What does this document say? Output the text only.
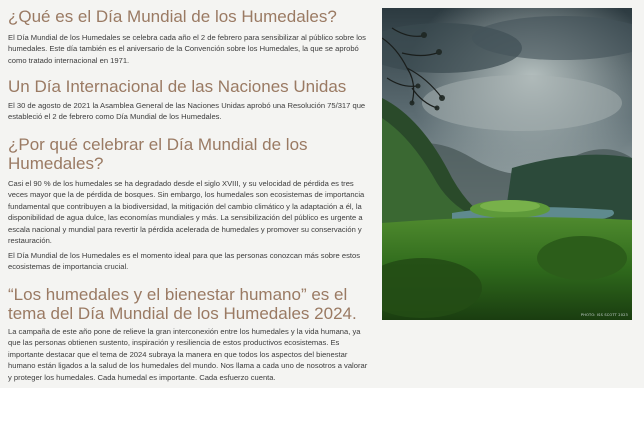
¿Qué es el Día Mundial de los Humedales?

El Día Mundial de los Humedales se celebra cada año el 2 de febrero para sensibilizar al público sobre los humedales. Este día también es el aniversario de la Convención sobre los Humedales, la que se aprobó como tratado internacional en 1971.

Un Día Internacional de las Naciones Unidas

El 30 de agosto de 2021 la Asamblea General de las Naciones Unidas aprobó una Resolución 75/317 que estableció el 2 de febrero como Día Mundial de los Humedales.

¿Por qué celebrar el Día Mundial de los Humedales?

Casi el 90 % de los humedales se ha degradado desde el siglo XVIII, y su velocidad de pérdida es tres veces mayor que la de pérdida de bosques. Sin embargo, los humedales son ecosistemas de importancia fundamental que contribuyen a la biodiversidad, la mitigación del cambio climático y la adaptación a él, la disponibilidad de agua dulce, las economías mundiales y más. La sensibilización del público es urgente a escala nacional y mundial para revertir la pérdida acelerada de humedales y promover su conservación y restauración.

El Día Mundial de los Humedales es el momento ideal para que las personas conozcan más sobre estos ecosistemas de importancia crucial.

“Los humedales y el bienestar humano” es el tema del Día Mundial de los Humedales 2024.

La campaña de este año pone de relieve la gran interconexión entre los humedales y la vida humana, ya que las personas obtienen sustento, inspiración y resiliencia de estos productivos ecosistemas. Es importante destacar que el tema de 2024 subraya la manera en que todos los aspectos del bienestar humano están ligados a la salud de los humedales del mundo. Nos llama a cada uno de nosotros a valorar y proteger los humedales. Cada humedal es importante. Cada esfuerzo cuenta.

PHOTO: ISS SCOTT 2023
